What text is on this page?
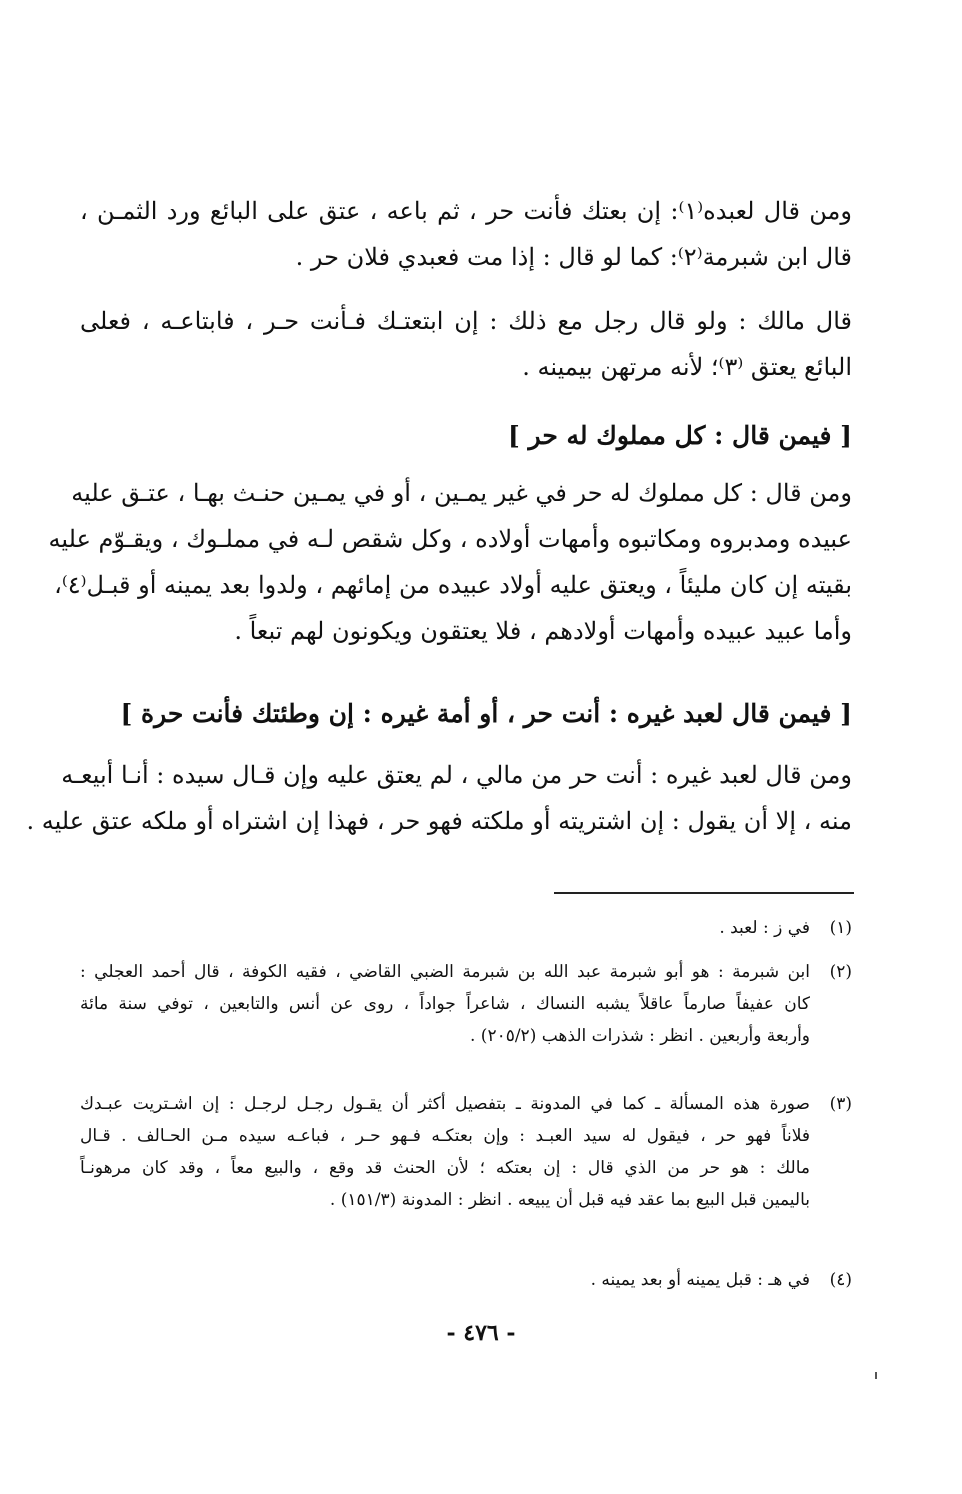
ومن قال لعبده⁽١⁾: إن بعتك فأنت حر ، ثم باعه ، عتق على البائع ورد الثمـن ،

قال ابن شبرمة⁽٢⁾: كما لو قال : إذا مت فعبدي فلان حر .

قال مالك : ولو قال رجل مع ذلك : إن ابتعتـك فـأنت حـر ، فابتاعـه ، فعلى

البائع يعتق ⁽٣⁾؛ لأنه مرتهن بيمينه .

[ فيمن قال : كل مملوك له حر ]

ومن قال : كل مملوك له حر في غير يمـين ، أو في يمـين حنـث بهـا ، عتـق عليه

عبيده ومدبروه ومكاتبوه وأمهات أولاده ، وكل شقص لـه في مملـوك ، ويقـوّم عليه

بقيته إن كان مليئاً ، ويعتق عليه أولاد عبيده من إمائهم ، ولدوا بعد يمينه أو قبـل⁽٤⁾،

وأما عبيد عبيده وأمهات أولادهم ، فلا يعتقون ويكونون لهم تبعاً .

[ فيمن قال لعبد غيره : أنت حر ، أو أمة غيره : إن وطئتك فأنت حرة ]

ومن قال لعبد غيره : أنت حر من مالي ، لم يعتق عليه وإن قـال سيده : أنـا أبيعـه

منه ، إلا أن يقول : إن اشتريته أو ملكته فهو حر ، فهذا إن اشتراه أو ملكه عتق عليه .

(١)

في ز : لعبد .

(٢)

ابن شبرمة : هو أبو شبرمة عبد الله بن شبرمة الضبي القاضي ، فقيه الكوفة ، قال أحمد العجلي :

كان عفيفاً صارماً عاقلاً يشبه النساك ، شاعراً جواداً ، روى عن أنس والتابعين ، توفي سنة مائة

وأربعة وأربعين . انظر : شذرات الذهب (٢٠٥/٢) .

(٣)

صورة هذه المسألة ـ كما في المدونة ـ بتفصيل أكثر أن يقـول رجـل لرجـل : إن اشـتريت عبـدك

فلاناً فهو حر ، فيقول له سيد العبـد : وإن بعتكـه فـهو حـر ، فباعـه سيده مـن الحـالف . قـال

مالك : هو حر من الذي قال : إن بعتكه ؛ لأن الحنث قد وقع ، والبيع معاً ، وقد كان مرهونـاً

باليمين قبل البيع بما عقد فيه قبل أن يبيعه . انظر : المدونة (١٥١/٣) .

(٤)

في هـ : قبل يمينه أو بعد يمينه .

- ٤٧٦ -
